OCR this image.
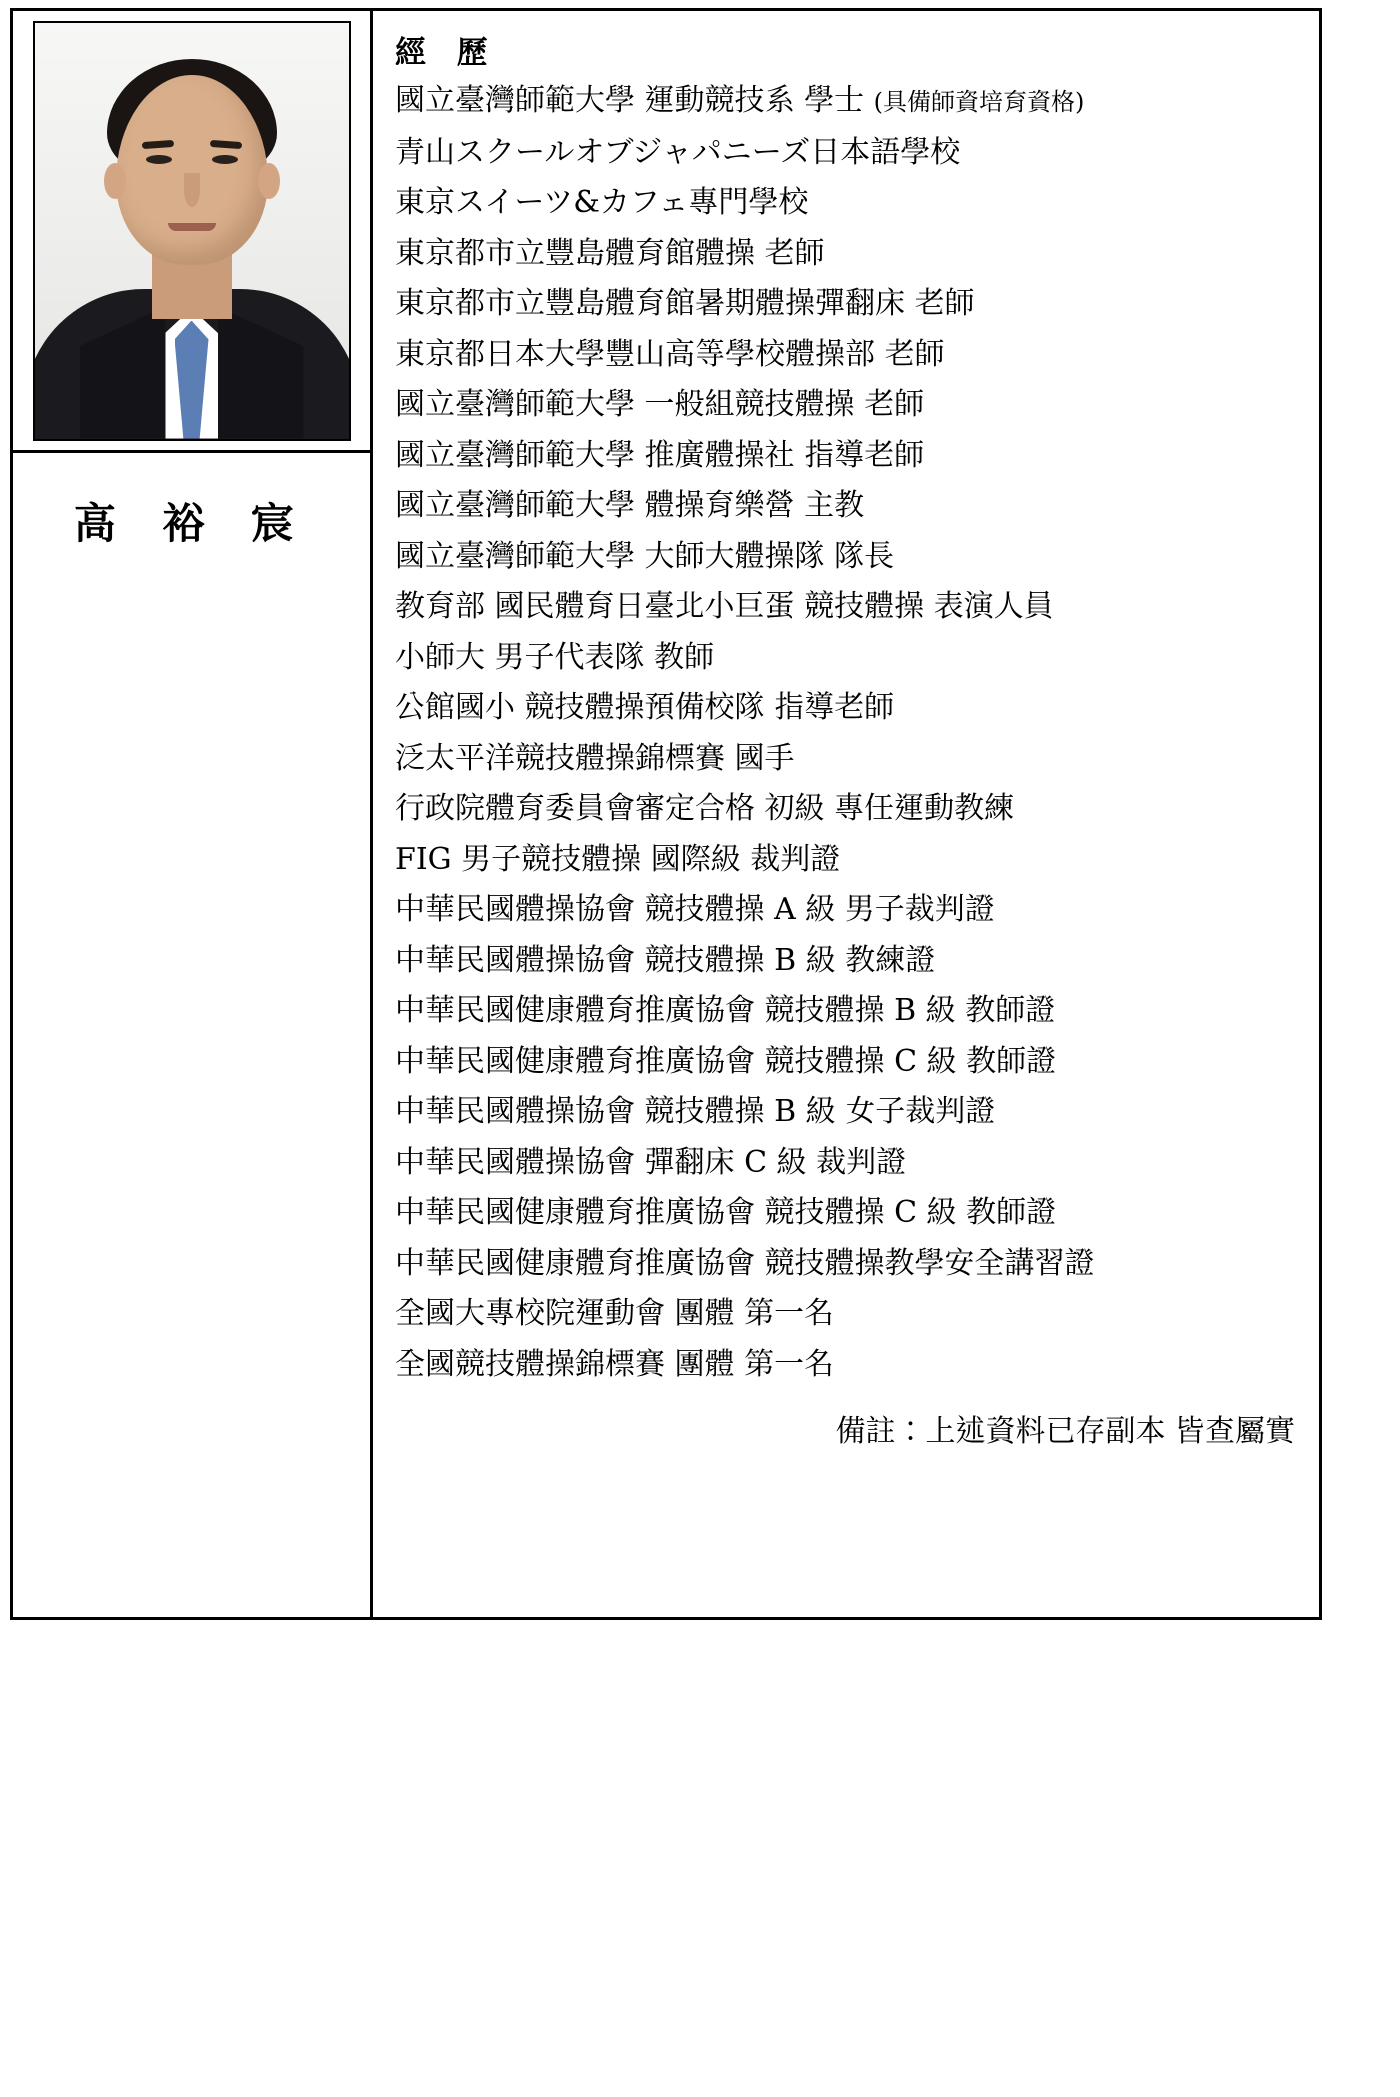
高 裕 宸
經 歷
國立臺灣師範大學 運動競技系 學士 (具備師資培育資格)
青山スクールオブジャパニーズ日本語學校
東京スイーツ&カフェ專門學校
東京都市立豐島體育館體操 老師
東京都市立豐島體育館暑期體操彈翻床 老師
東京都日本大學豐山高等學校體操部 老師
國立臺灣師範大學 一般組競技體操 老師
國立臺灣師範大學 推廣體操社 指導老師
國立臺灣師範大學 體操育樂營 主教
國立臺灣師範大學 大師大體操隊 隊長
教育部 國民體育日臺北小巨蛋 競技體操 表演人員
小師大 男子代表隊 教師
公館國小 競技體操預備校隊 指導老師
泛太平洋競技體操錦標賽 國手
行政院體育委員會審定合格 初級 專任運動教練
FIG 男子競技體操 國際級 裁判證
中華民國體操協會 競技體操 A 級 男子裁判證
中華民國體操協會 競技體操 B 級 教練證
中華民國健康體育推廣協會 競技體操 B 級 教師證
中華民國健康體育推廣協會 競技體操 C 級 教師證
中華民國體操協會 競技體操 B 級 女子裁判證
中華民國體操協會 彈翻床 C 級 裁判證
中華民國健康體育推廣協會 競技體操 C 級 教師證
中華民國健康體育推廣協會 競技體操教學安全講習證
全國大專校院運動會 團體 第一名
全國競技體操錦標賽 團體 第一名
備註：上述資料已存副本 皆查屬實
